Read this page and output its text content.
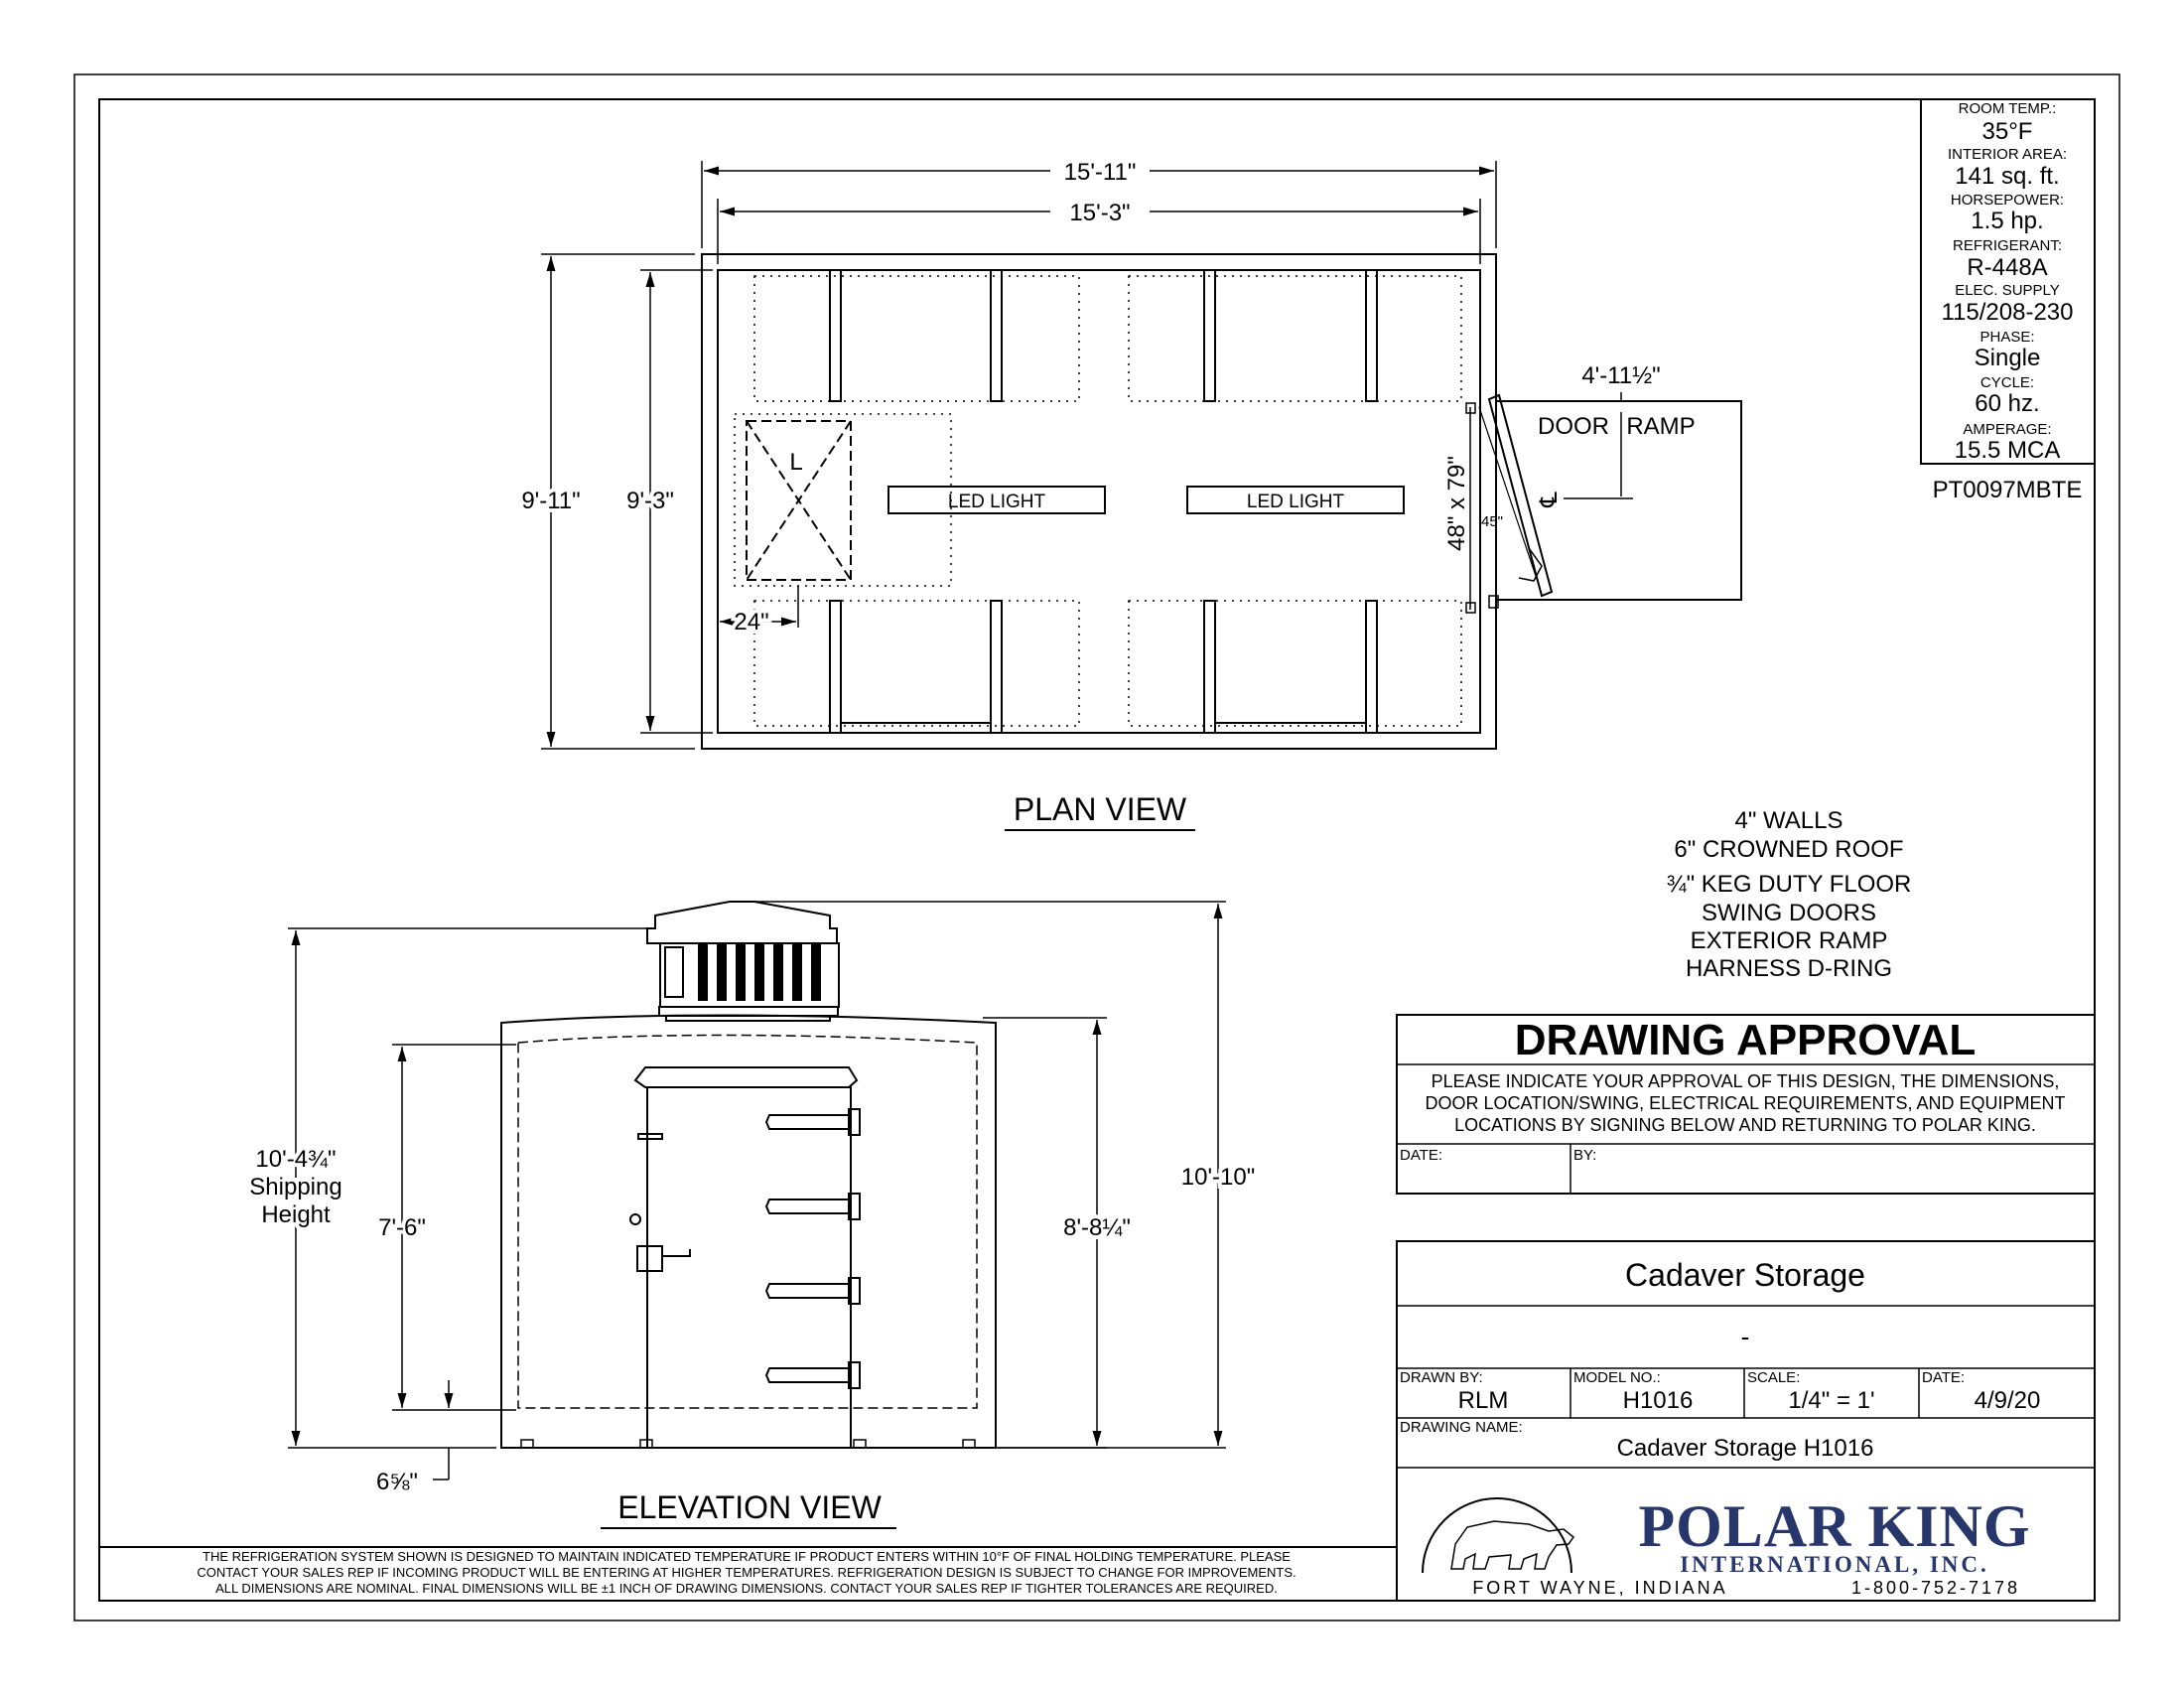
ROOM TEMP.:
35°F
INTERIOR AREA:
141 sq. ft.
HORSEPOWER:
1.5 hp.
REFRIGERANT:
R-448A
ELEC. SUPPLY
115/208-230
PHASE:
Single
CYCLE:
60 hz.
AMPERAGE:
15.5 MCA
PT0097MBTE
L
LED LIGHT	LED LIGHT
DOOR RAMP
48" x 79" 45"
℄
4'-11½"
15'-11"
15'-3"
9'-11" 9'-3"
24"
PLAN VIEW	4" WALLS
6" CROWNED ROOF
¾" KEG DUTY FLOOR
SWING DOORS
EXTERIOR RAMP
HARNESS D-RING
10'-4¾"
Shipping
Height 7'-6"
6⅝"
8'-8¼"
10'-10"
ELEVATION VIEW
DRAWING APPROVAL
PLEASE INDICATE YOUR APPROVAL OF THIS DESIGN, THE DIMENSIONS,
DOOR LOCATION/SWING, ELECTRICAL REQUIREMENTS, AND EQUIPMENT
LOCATIONS BY SIGNING BELOW AND RETURNING TO POLAR KING.
DATE:	BY:
Cadaver Storage
-
DRAWN BY:
RLM
MODEL NO.:
H1016
SCALE:
1/4" = 1'
DATE:
4/9/20
DRAWING NAME:
Cadaver Storage H1016
POLAR KING
INTERNATIONAL, INC.
FORT WAYNE, INDIANA	1-800-752-7178
THE REFRIGERATION SYSTEM SHOWN IS DESIGNED TO MAINTAIN INDICATED TEMPERATURE IF PRODUCT ENTERS WITHIN 10°F OF FINAL HOLDING TEMPERATURE. PLEASE
CONTACT YOUR SALES REP IF INCOMING PRODUCT WILL BE ENTERING AT HIGHER TEMPERATURES. REFRIGERATION DESIGN IS SUBJECT TO CHANGE FOR IMPROVEMENTS.
ALL DIMENSIONS ARE NOMINAL. FINAL DIMENSIONS WILL BE ±1 INCH OF DRAWING DIMENSIONS. CONTACT YOUR SALES REP IF TIGHTER TOLERANCES ARE REQUIRED.
